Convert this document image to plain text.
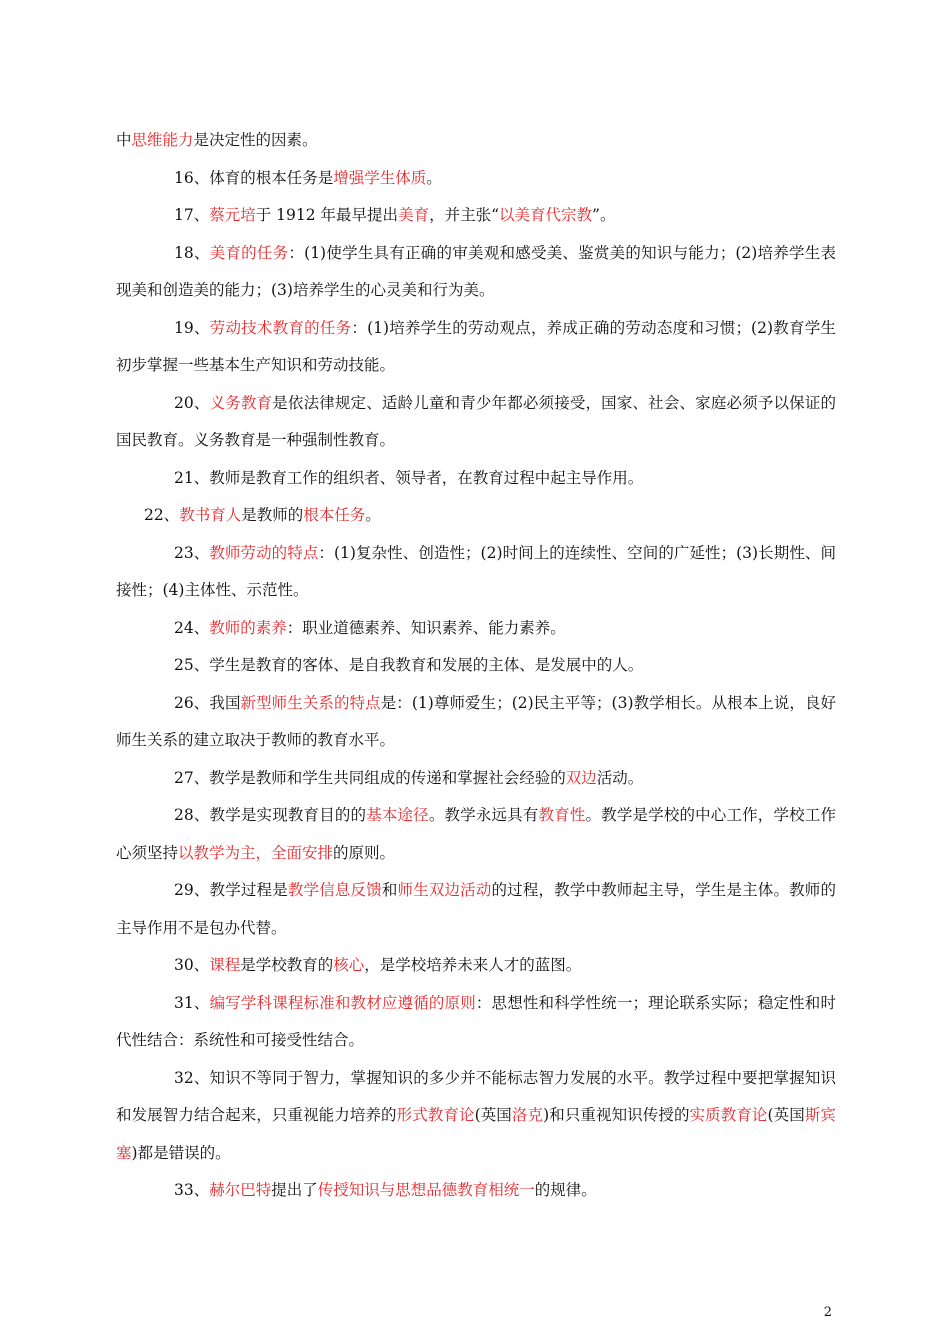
中思维能力是决定性的因素。

16、体育的根本任务是增强学生体质。

17、蔡元培于 1912 年最早提出美育，并主张“以美育代宗教”。

18、美育的任务：(1)使学生具有正确的审美观和感受美、鉴赏美的知识与能力；(2)培养学生表现美和创造美的能力；(3)培养学生的心灵美和行为美。

19、劳动技术教育的任务：(1)培养学生的劳动观点，养成正确的劳动态度和习惯；(2)教育学生初步掌握一些基本生产知识和劳动技能。

20、义务教育是依法律规定、适龄儿童和青少年都必须接受，国家、社会、家庭必须予以保证的国民教育。义务教育是一种强制性教育。

21、教师是教育工作的组织者、领导者，在教育过程中起主导作用。

22、教书育人是教师的根本任务。

23、教师劳动的特点：(1)复杂性、创造性；(2)时间上的连续性、空间的广延性；(3)长期性、间接性；(4)主体性、示范性。

24、教师的素养：职业道德素养、知识素养、能力素养。

25、学生是教育的客体、是自我教育和发展的主体、是发展中的人。

26、我国新型师生关系的特点是：(1)尊师爱生；(2)民主平等；(3)教学相长。从根本上说，良好师生关系的建立取决于教师的教育水平。

27、教学是教师和学生共同组成的传递和掌握社会经验的双边活动。

28、教学是实现教育目的的基本途径。教学永远具有教育性。教学是学校的中心工作，学校工作心须坚持以教学为主，全面安排的原则。

29、教学过程是教学信息反馈和师生双边活动的过程，教学中教师起主导，学生是主体。教师的主导作用不是包办代替。

30、课程是学校教育的核心，是学校培养未来人才的蓝图。

31、编写学科课程标准和教材应遵循的原则：思想性和科学性统一；理论联系实际；稳定性和时代性结合：系统性和可接受性结合。

32、知识不等同于智力，掌握知识的多少并不能标志智力发展的水平。教学过程中要把掌握知识和发展智力结合起来，只重视能力培养的形式教育论(英国洛克)和只重视知识传授的实质教育论(英国斯宾塞)都是错误的。

33、赫尔巴特提出了传授知识与思想品德教育相统一的规律。

2
